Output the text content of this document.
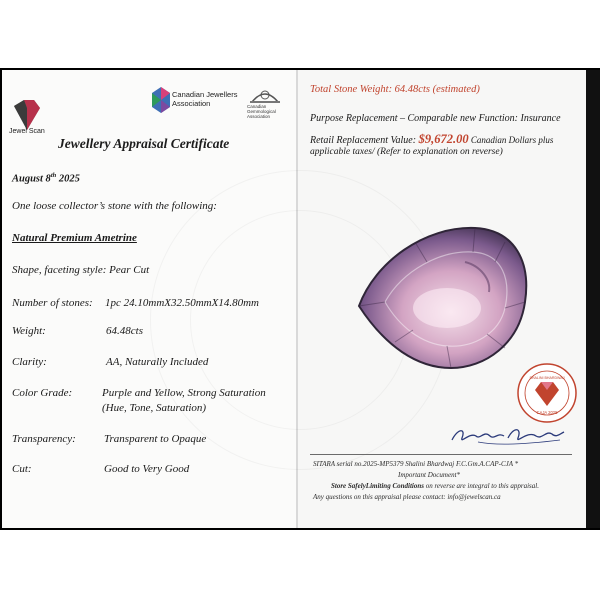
Jewel Scan
Canadian Jewellers
Association	Canadian
Gemmological
Association
Jewellery Appraisal Certificate
August 8th 2025
One loose collector’s stone with the following:
Natural Premium Ametrine
Shape, faceting style: Pear Cut
Number of stones: 1pc 24.10mmX32.50mmX14.80mm
Weight:	64.48cts
Clarity:	AA, Naturally Included
Color Grade:	Purple and Yellow, Strong Saturation
(Hue, Tone, Saturation)
Transparency:	Transparent to Opaque
Cut:	Good to Very Good
Total Stone Weight: 64.48cts (estimated)
Purpose Replacement – Comparable new Function: Insurance
Retail Replacement Value: $9,672.00 Canadian Dollars plus
applicable taxes/ (Refer to explanation on reverse)
SHALINI BHARDWAJ
CAJA 2025
SITARA serial no.2025-MP5379 Shalini Bhardwaj F.C.Gm.A.CAP-CJA *
Important Document*
Store SafelyLimiting Conditions on reverse are integral to this appraisal.
Any questions on this appraisal please contact: info@jewelscan.ca
